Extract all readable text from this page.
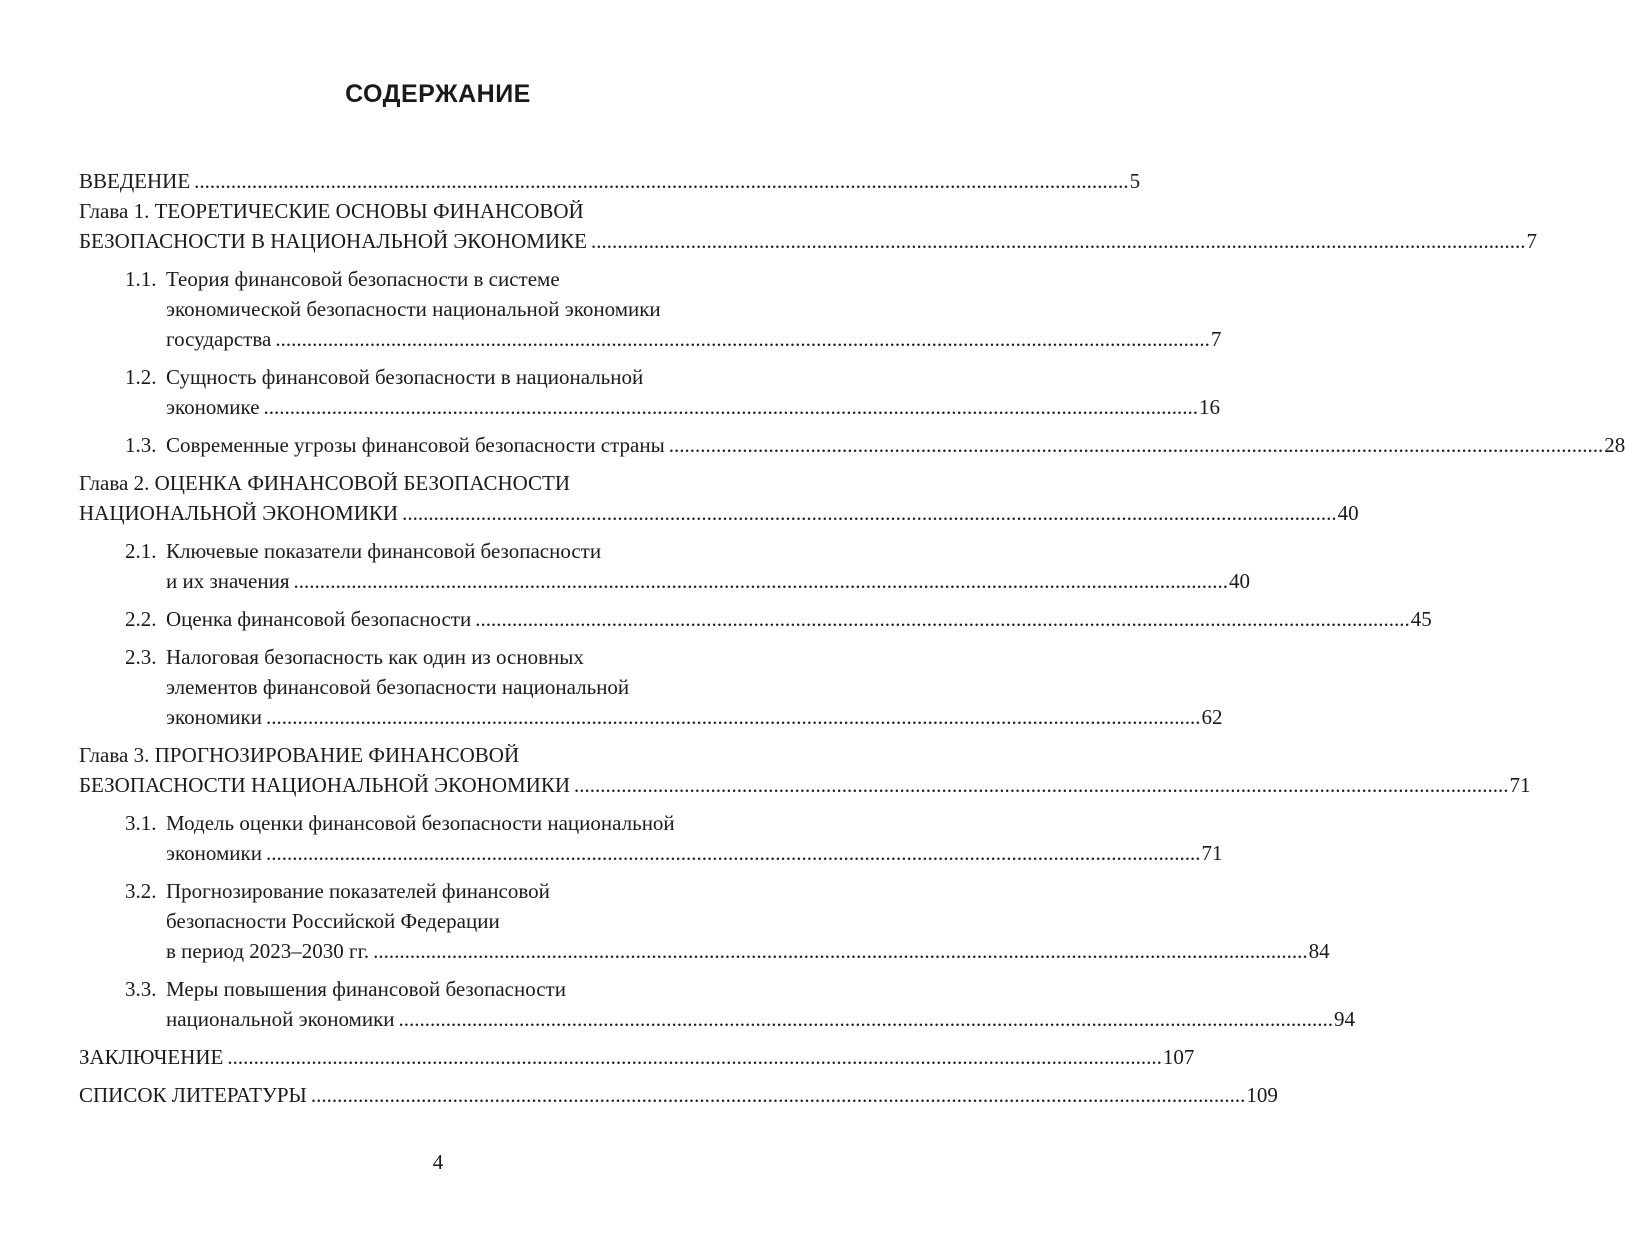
СОДЕРЖАНИЕ
ВВЕДЕНИЕ .................................................................................................................................................................................. 5
Глава 1. ТЕОРЕТИЧЕСКИЕ ОСНОВЫ ФИНАНСОВОЙ
БЕЗОПАСНОСТИ В НАЦИОНАЛЬНОЙ ЭКОНОМИКЕ .................................................................................................................................................................................. 7
1.1. Теория финансовой безопасности в системе
экономической безопасности национальной экономики
государства .................................................................................................................................................................................. 7
1.2. Сущность финансовой безопасности в национальной
экономике .................................................................................................................................................................................. 16
1.3. Современные угрозы финансовой безопасности страны .................................................................................................................................................................................. 28
Глава 2. ОЦЕНКА ФИНАНСОВОЙ БЕЗОПАСНОСТИ
НАЦИОНАЛЬНОЙ ЭКОНОМИКИ .................................................................................................................................................................................. 40
2.1. Ключевые показатели финансовой безопасности
и их значения .................................................................................................................................................................................. 40
2.2. Оценка финансовой безопасности .................................................................................................................................................................................. 45
2.3. Налоговая безопасность как один из основных
элементов финансовой безопасности национальной
экономики .................................................................................................................................................................................. 62
Глава 3. ПРОГНОЗИРОВАНИЕ ФИНАНСОВОЙ
БЕЗОПАСНОСТИ НАЦИОНАЛЬНОЙ ЭКОНОМИКИ .................................................................................................................................................................................. 71
3.1. Модель оценки финансовой безопасности национальной
экономики .................................................................................................................................................................................. 71
3.2. Прогнозирование показателей финансовой
безопасности Российской Федерации
в период 2023–2030 гг. .................................................................................................................................................................................. 84
3.3. Меры повышения финансовой безопасности
национальной экономики .................................................................................................................................................................................. 94
ЗАКЛЮЧЕНИЕ .................................................................................................................................................................................. 107
СПИСОК ЛИТЕРАТУРЫ .................................................................................................................................................................................. 109
4
